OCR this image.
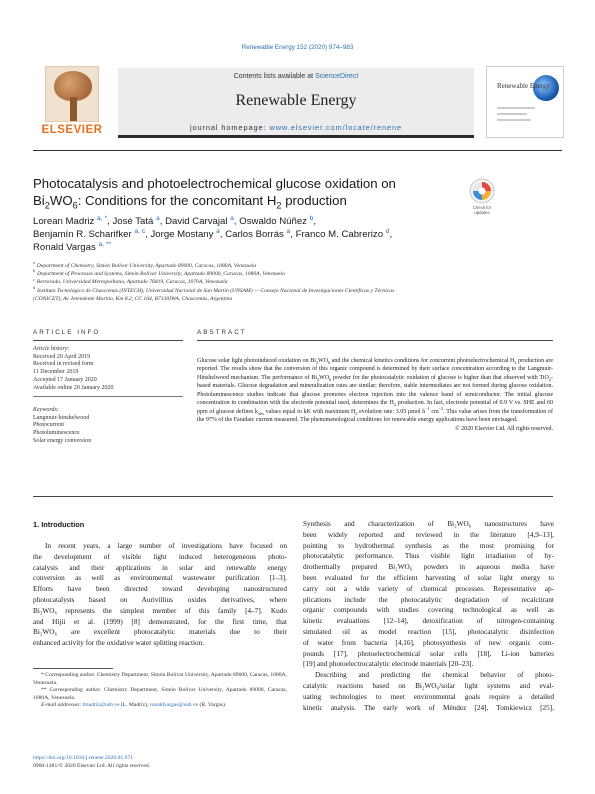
Renewable Energy 152 (2020) 974–983
ELSEVIER
Contents lists available at ScienceDirect
Renewable Energy
journal homepage: www.elsevier.com/locate/renene
Renewable Energy
Photocatalysis and photoelectrochemical glucose oxidation on
$Bi_2WO_6$: Conditions for the concomitant $H_2$ production	Check for
updates
Lorean Madriz $^{a, *}$, José Tatá $^a$, David Carvajal $^a$, Oswaldo Núñez $^b$,
Benjamín R. Scharifker $^{a, c}$, Jorge Mostany $^a$, Carlos Borrás $^a$, Franco M. Cabrerizo $^d$,
Ronald Vargas $^{a, **}$
$^a$ Department of Chemistry, Simón Bolívar University, Apartado 89000, Caracas, 1080A, Venezuela
$^b$ Department of Processes and Systems, Simón Bolívar University, Apartado 89000, Caracas, 1080A, Venezuela
$^c$ Rectorado, Universidad Metropolitana, Apartado 76819, Caracas, 1070A, Venezuela
$^d$ Instituto Tecnológico de Chascomús (INTECH), Universidad Nacional de San Martín (UNSAM) — Consejo Nacional de Investigaciones Científicas y Técnicas
(CONICET), Av. Intendente Marino, Km 8.2, CC 164, B7130IWA, Chascomús, Argentina
ARTICLE INFO	ABSTRACT
Article history:
Received 20 April 2019
Received in revised form
11 December 2019
Accepted 17 January 2020
Available online 20 January 2020
Keywords:
Langmuir-hinshelwood
Photocurrent
Photoluminescence
Solar energy conversion

Glucose solar light photoinduced oxidation on $Bi_2WO_6$ and the chemical kinetics conditions for concurrent photoelectrochemical $H_2$ production are reported. The results show that the conversion of this organic compound is determined by their surface concentration according to the Langmuir-Hinshelwood mechanism. The performance of $Bi_2WO_6$ powder for the photocatalytic oxidation of glucose is higher than that observed with TiO$_2$-based materials. Glucose degradation and mineralization rates are similar; therefore, stable intermediates are not formed during glucose oxidation. Photoluminescence studies indicate that glucose promotes electron injection into the valence band of semiconductor. The initial glucose concentration in combination with the electrode potential used, determines the $H_2$ production. In fact, electrode potential of 0.9 V vs. SHE and 60 ppm of glucose defines $k_{obs}$ values equal to kK with maximum $H_2$ evolution rate: 3.05 μmol $h^{-1}$ $cm^{-2}$. This value arises from the transformation of the 97% of the Faradaic current measured. The phenomenological conditions for renewable energy applications have been envisaged.

© 2020 Elsevier Ltd. All rights reserved.

1. Introduction
In recent years, a large number of investigations have focused on
the development of visible light induced heterogeneous photo-
catalysts and their applications in solar and renewable energy
conversion as well as environmental wastewater purification [1–3].
Efforts have been directed toward developing nanostructured
photocatalysts based on Aurivillius oxides derivatives, where
Bi₂WO₆ represents the simplest member of this family [4–7]. Kudo
and Hijii et al. (1999) [8] demonstrated, for the first time, that
Bi₂WO₆ are excellent photocatalytic materials due to their
enhanced activity for the oxidative water splitting reaction.
Synthesis and characterization of Bi₂WO₆ nanostructures have
been widely reported and reviewed in the literature [4,9–13],
pointing to hydrothermal synthesis as the most promising for
photocatalytic performance. Thus visible light irradiation of hy-
drothermally prepared Bi₂WO₆ powders in aqueous media have
been evaluated for the efficient harvesting of solar light energy to
carry out a wide variety of chemical processes. Representative ap-
plications include the photocatalytic degradation of recalcitrant
organic compounds with studies covering technological as well as
kinetic evaluations [12–14], detoxification of nitrogen-containing
simulated oil as model reaction [15], photocatalytic disinfection
of water from bacteria [4,16], photosynthesis of new organic com-
pounds [17], photoelectrochemical solar cells [18], Li-ion batteries
[19] and photoelectrocatalytic electrode materials [20–23].
Describing and predicting the chemical behavior of photo-
catalytic reactions based on Bi₂WO₆/solar light systems and eval-
uating technologies to meet environmental goals require a detailed
kinetic analysis. The early work of Méndez [24], Tomkiewicz [25],

* Corresponding author. Chemistry Department, Simón Bolívar University, Apartado 89000, Caracas, 1080A, Venezuela.

** Corresponding author. Chemistry Department, Simón Bolívar University, Apartado 89000, Caracas, 1080A, Venezuela.

E-mail addresses: lmadriz@usb.ve (L. Madriz), ronaldvargas@usb.ve (R. Vargas).

https://doi.org/10.1016/j.renene.2020.01.071
0960-1481/© 2020 Elsevier Ltd. All rights reserved.
